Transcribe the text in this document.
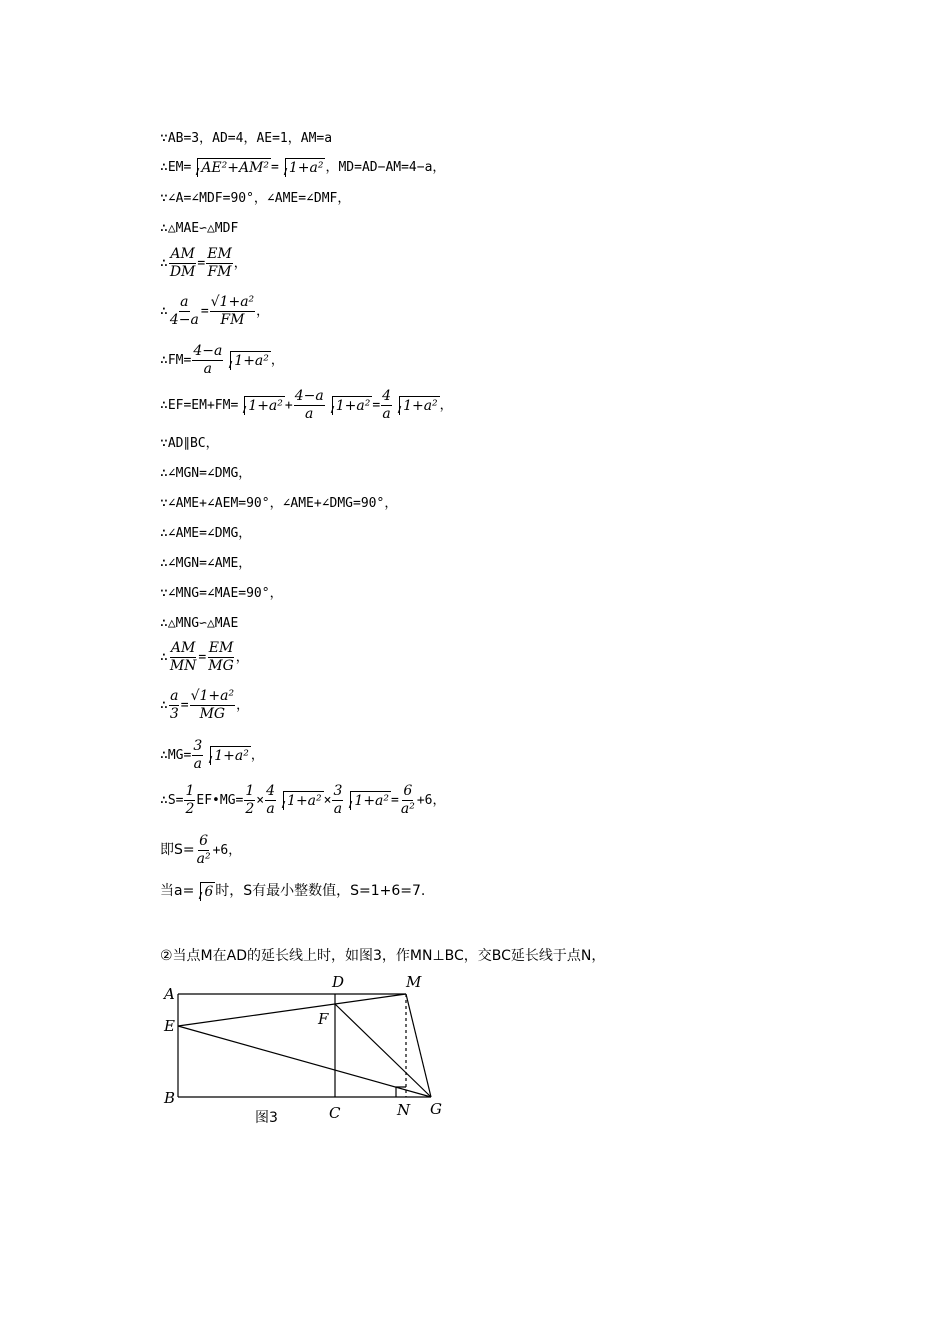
∵AB=3，AD=4，AE=1，AM=a
∴EM= AE²+AM² = 1+a² ，MD=AD−AM=4−a，
∵∠A=∠MDF=90°，∠AME=∠DMF，
∴△MAE∽△MDF
∴ $\frac{AM}{DM} = \frac{EM}{FM}$ ，
∴ $\frac{a}{4-a} = \frac{\text{√1+a²}}{FM}$ ，
∴FM= $\frac{4-a}{a} 1+a^2$ ，
∴EF=EM+FM= $1+a^2 + \frac{4-a}{a} 1+a^2 = \frac{4}{a} 1+a^2$ ，
∵AD∥BC，
∴∠MGN=∠DMG，
∵∠AME+∠AEM=90°，∠AME+∠DMG=90°，
∴∠AME=∠DMG，
∴∠MGN=∠AME，
∵∠MNG=∠MAE=90°，
∴△MNG∽△MAE
∴ $\frac{AM}{MN} = \frac{EM}{MG}$ ，
∴ $\frac{a}{3} = \frac{\text{√1+a²}}{MG}$ ，
∴MG= $\frac{3}{a} 1+a^2$ ，
∴S= $\frac{1}{2}$ EF•MG= $\frac{1}{2} \times \frac{4}{a} 1+a^2 \times \frac{3}{a} 1+a^2 = \frac{6}{\text{a²}} +6$，
即$S= \frac{6}{\text{a²}} +6$，
当a= 6 时，S有最小整数值，S=1+6=7.
②当点M在AD的延长线上时，如图3，作MN⊥BC，交BC延长线于点N，
A
E
B
D
F
M
C	N G
图3
